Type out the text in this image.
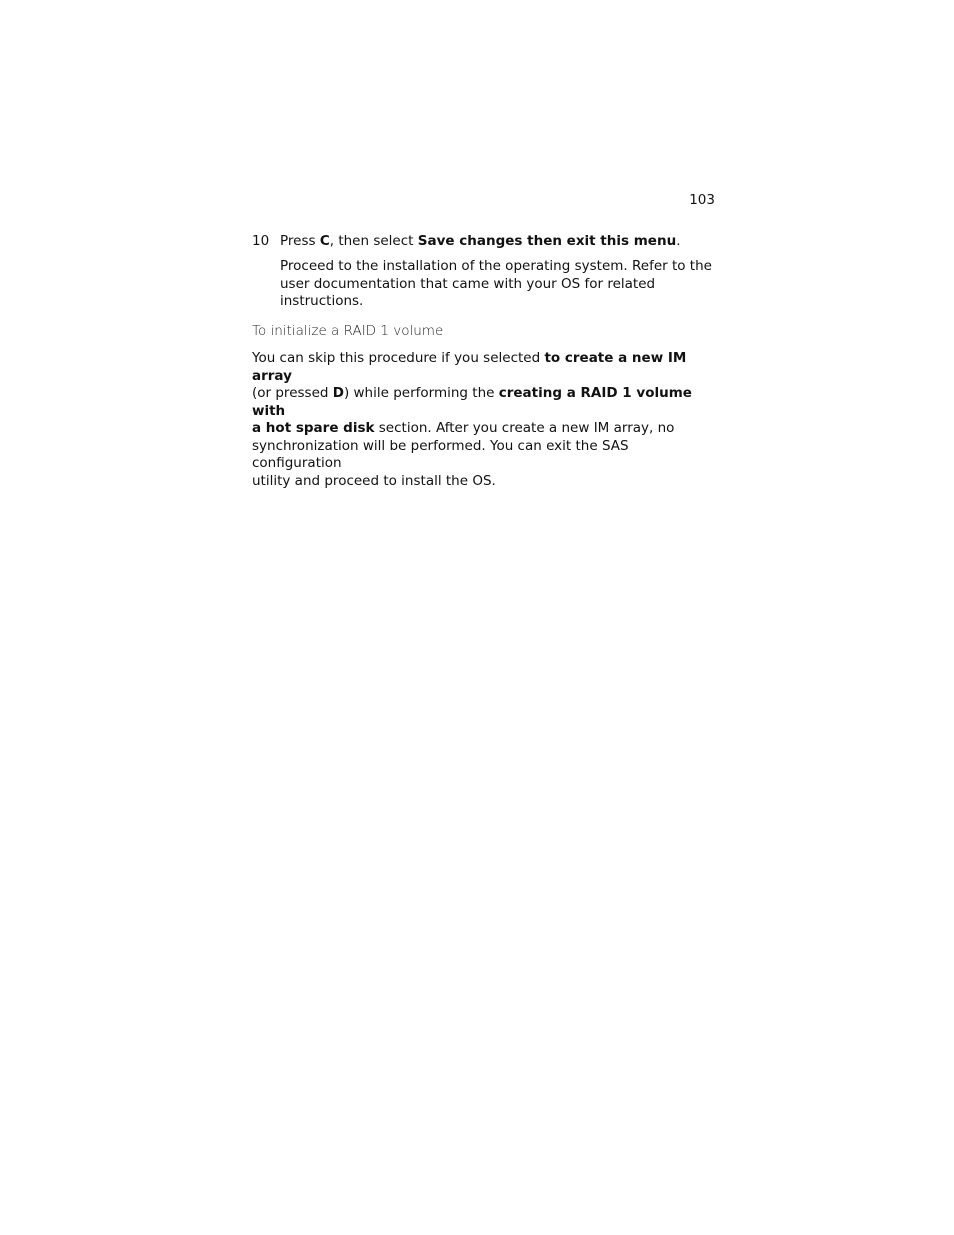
103
10 Press C, then select Save changes then exit this menu.
Proceed to the installation of the operating system. Refer to the
user documentation that came with your OS for related
instructions.
To initialize a RAID 1 volume
You can skip this procedure if you selected to create a new IM array
(or pressed D) while performing the creating a RAID 1 volume with
a hot spare disk section. After you create a new IM array, no
synchronization will be performed. You can exit the SAS configuration
utility and proceed to install the OS.
